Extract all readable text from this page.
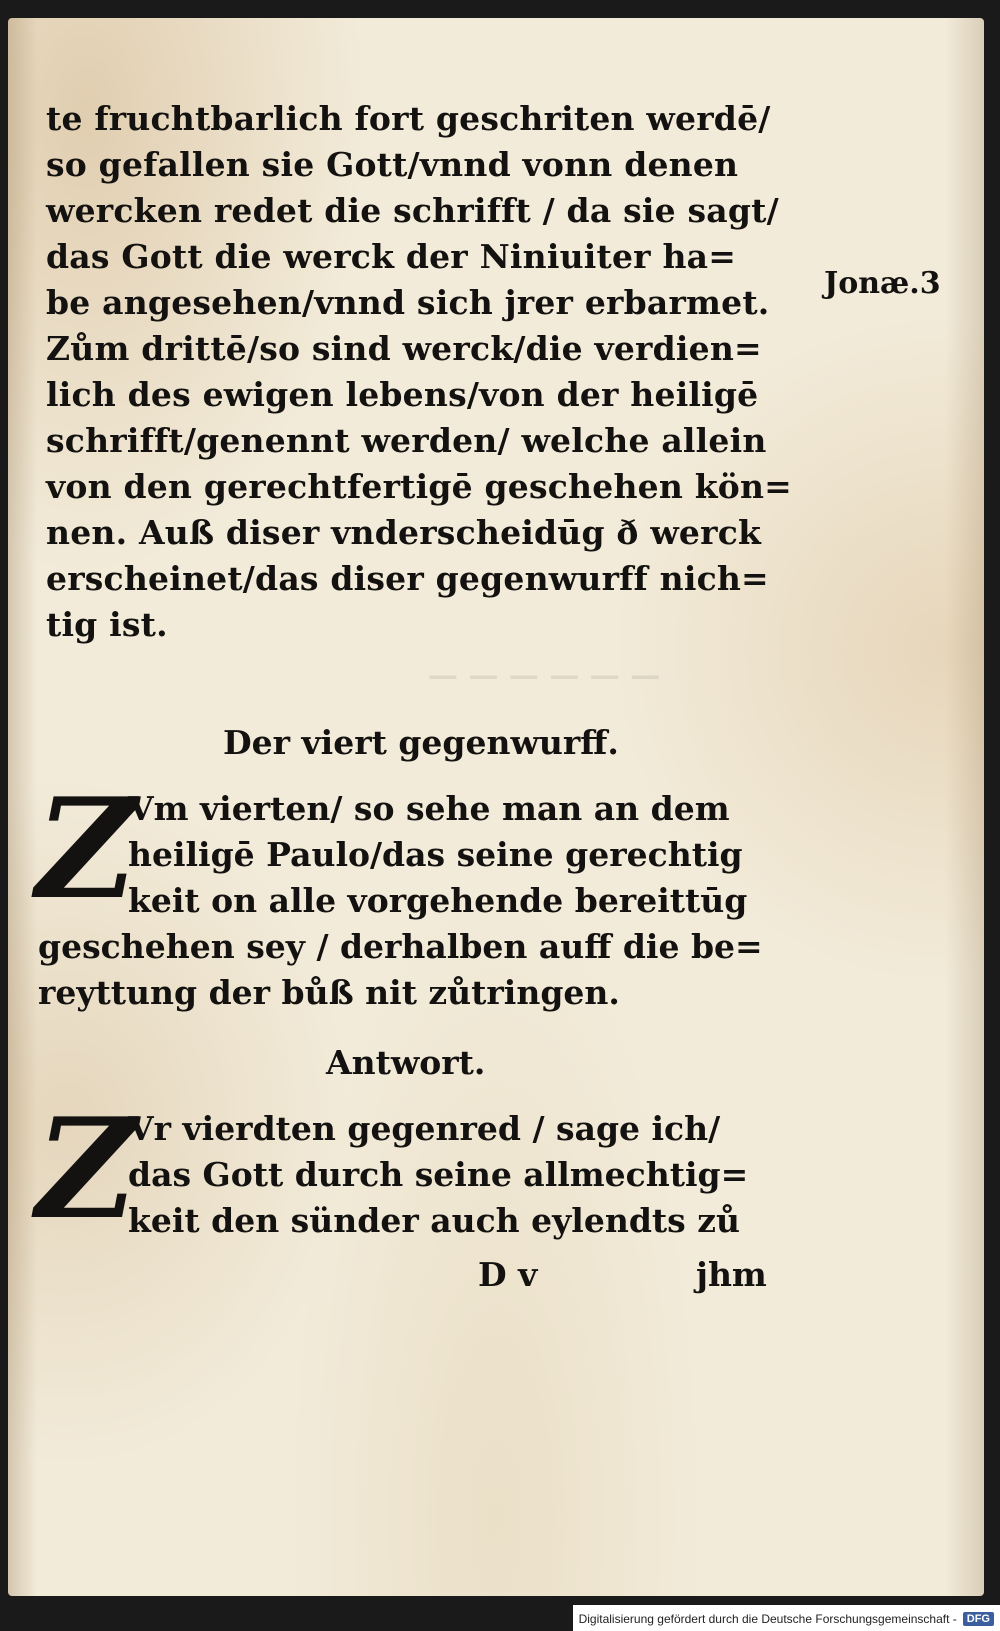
— — — — — —
te fruchtbarlich fort geschriten werdē/
so gefallen sie Gott/vnnd vonn denen
wercken redet die schrifft / da sie sagt/
das Gott die werck der Niniuiter ha=
be angesehen/vnnd sich jrer erbarmet.
Zům drittē/so sind werck/die verdien=
lich des ewigen lebens/von der heiligē
schrifft/genennt werden/ welche allein
von den gerechtfertigē geschehen kön=
nen. Auß diser vnderscheidūg ð werck
erscheinet/das diser gegenwurff nich=
tig ist.
Jonæ.3
Der viert gegenwurff.
Z
Vm vierten/ so sehe man an dem
heiligē Paulo/das seine gerechtig
keit on alle vorgehende bereittūg
geschehen sey / derhalben auff die be=
reyttung der bůß nit zůtringen.
Antwort.
Z
Vr vierdten gegenred / sage ich/
das Gott durch seine allmechtig=
keit den sünder auch eylendts zů
D v	jhm
Digitalisierung gefördert durch die Deutsche Forschungsgemeinschaft - DFG
